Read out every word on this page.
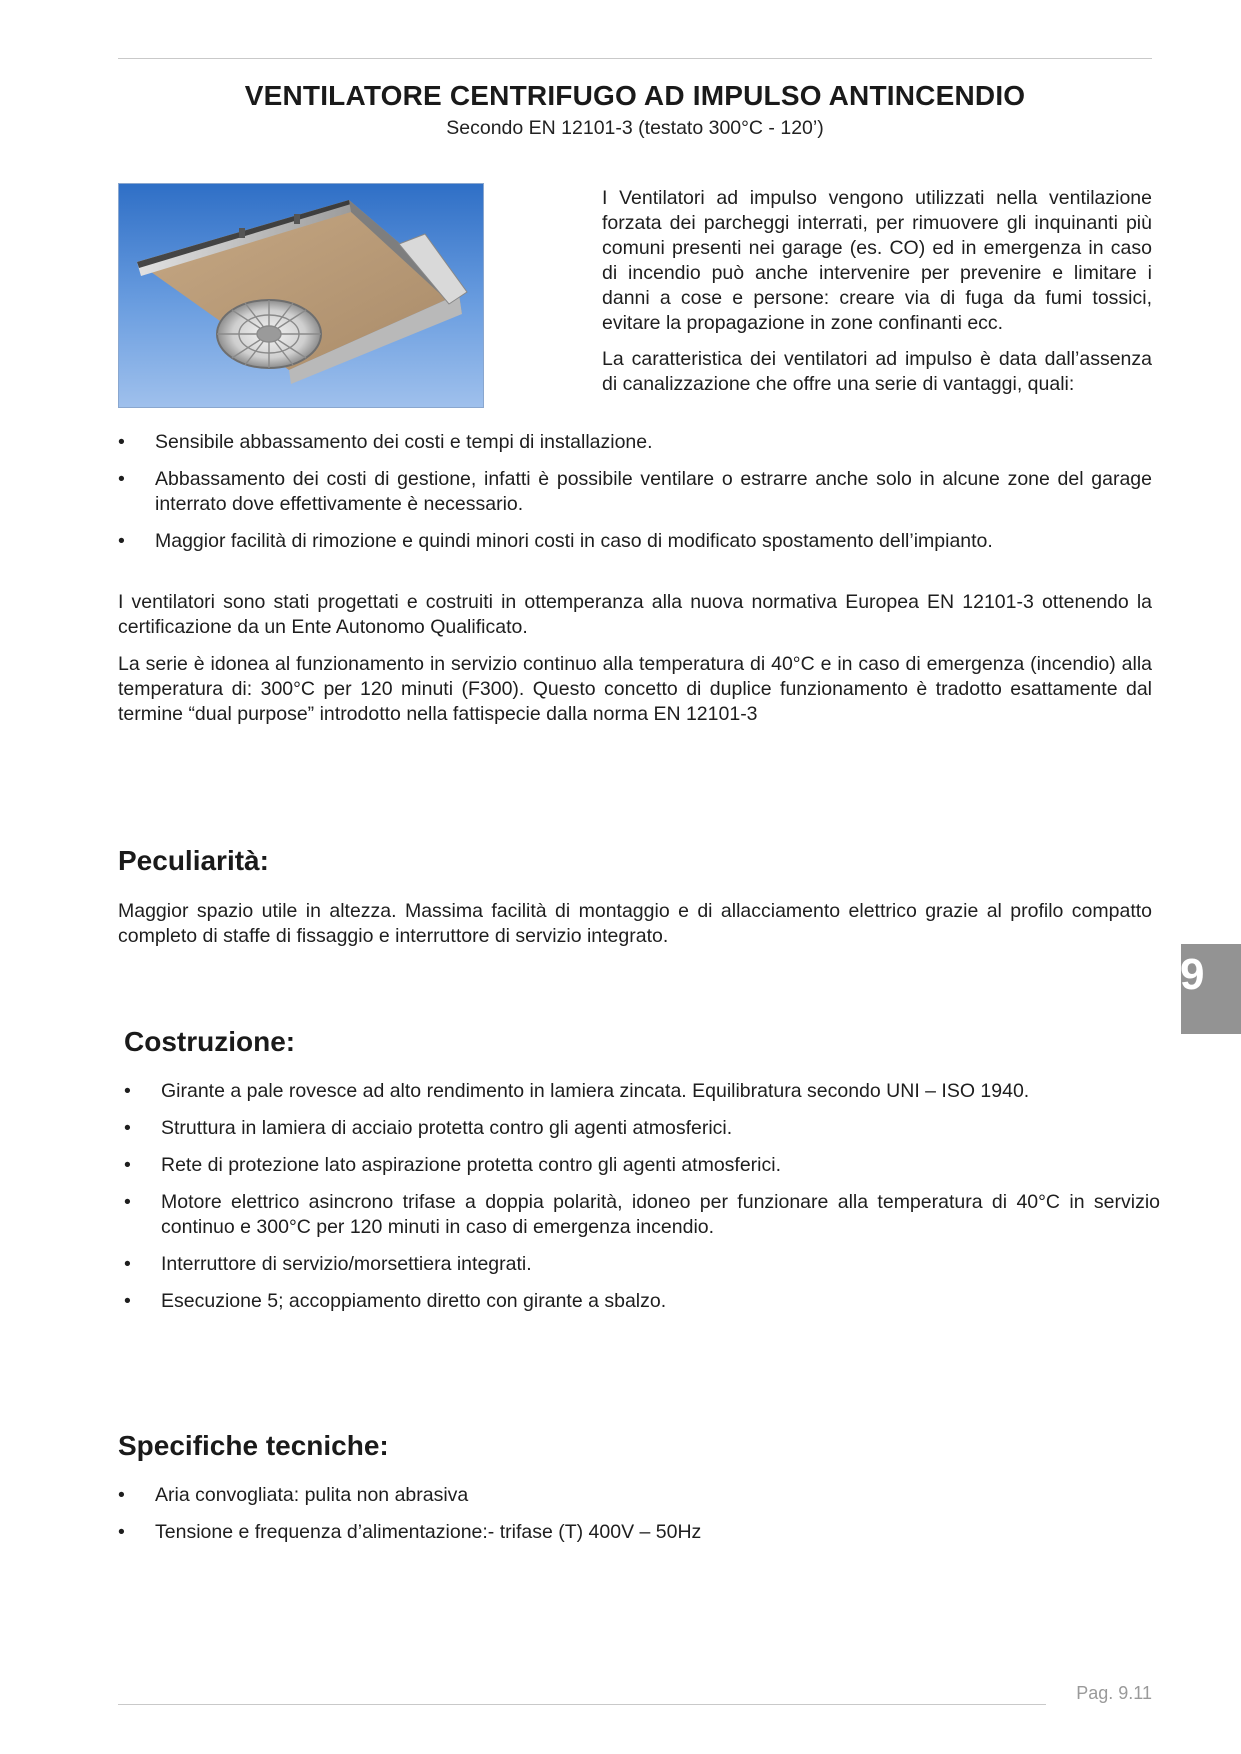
VENTILATORE CENTRIFUGO AD IMPULSO ANTINCENDIO

Secondo EN 12101-3 (testato 300°C - 120’)

I Ventilatori ad impulso vengono utilizzati nella ventilazione forzata dei parcheggi interrati, per rimuovere gli inquinanti più comuni presenti nei garage (es. CO) ed in emergenza in caso di incendio può anche intervenire per prevenire e limitare i danni a cose e persone: creare via di fuga da fumi tossici, evitare la propagazione in zone confinanti ecc.

La caratteristica dei ventilatori ad impulso è data dall’assenza di canalizzazione che offre una serie di vantaggi, quali:

•	Sensibile abbassamento dei costi e tempi di installazione.
•	Abbassamento dei costi di gestione, infatti è possibile ventilare o estrarre anche solo in alcune zone del garage interrato dove effettivamente è necessario.
•	Maggior facilità di rimozione e quindi minori costi in caso di modificato spostamento dell’impianto.

I ventilatori sono stati progettati e costruiti in ottemperanza alla nuova normativa Europea EN 12101-3 ottenendo la certificazione da un Ente Autonomo Qualificato.

La serie è idonea al funzionamento in servizio continuo alla temperatura di 40°C e in caso di emergenza (incendio) alla temperatura di: 300°C per 120 minuti (F300). Questo concetto di duplice funzionamento è tradotto esattamente dal termine “dual purpose” introdotto nella fattispecie dalla norma EN 12101-3

Peculiarità:

Maggior spazio utile in altezza. Massima facilità di montaggio e di allacciamento elettrico grazie al profilo compatto completo di staffe di fissaggio e interruttore di servizio integrato.

Costruzione:
•	Girante a pale rovesce ad alto rendimento in lamiera zincata. Equilibratura secondo UNI – ISO 1940.
•	Struttura in lamiera di acciaio protetta contro gli agenti atmosferici.
•	Rete di protezione lato aspirazione protetta contro gli agenti atmosferici.
•	Motore elettrico asincrono trifase a doppia polarità, idoneo per funzionare alla temperatura di 40°C in servizio continuo e 300°C per 120 minuti in caso di emergenza incendio.
•	Interruttore di servizio/morsettiera integrati.
•	Esecuzione 5; accoppiamento diretto con girante a sbalzo.
Specifiche tecniche:
•	Aria convogliata: pulita non abrasiva
•	Tensione e frequenza d’alimentazione:- trifase (T) 400V – 50Hz
9
Pag. 9.11
